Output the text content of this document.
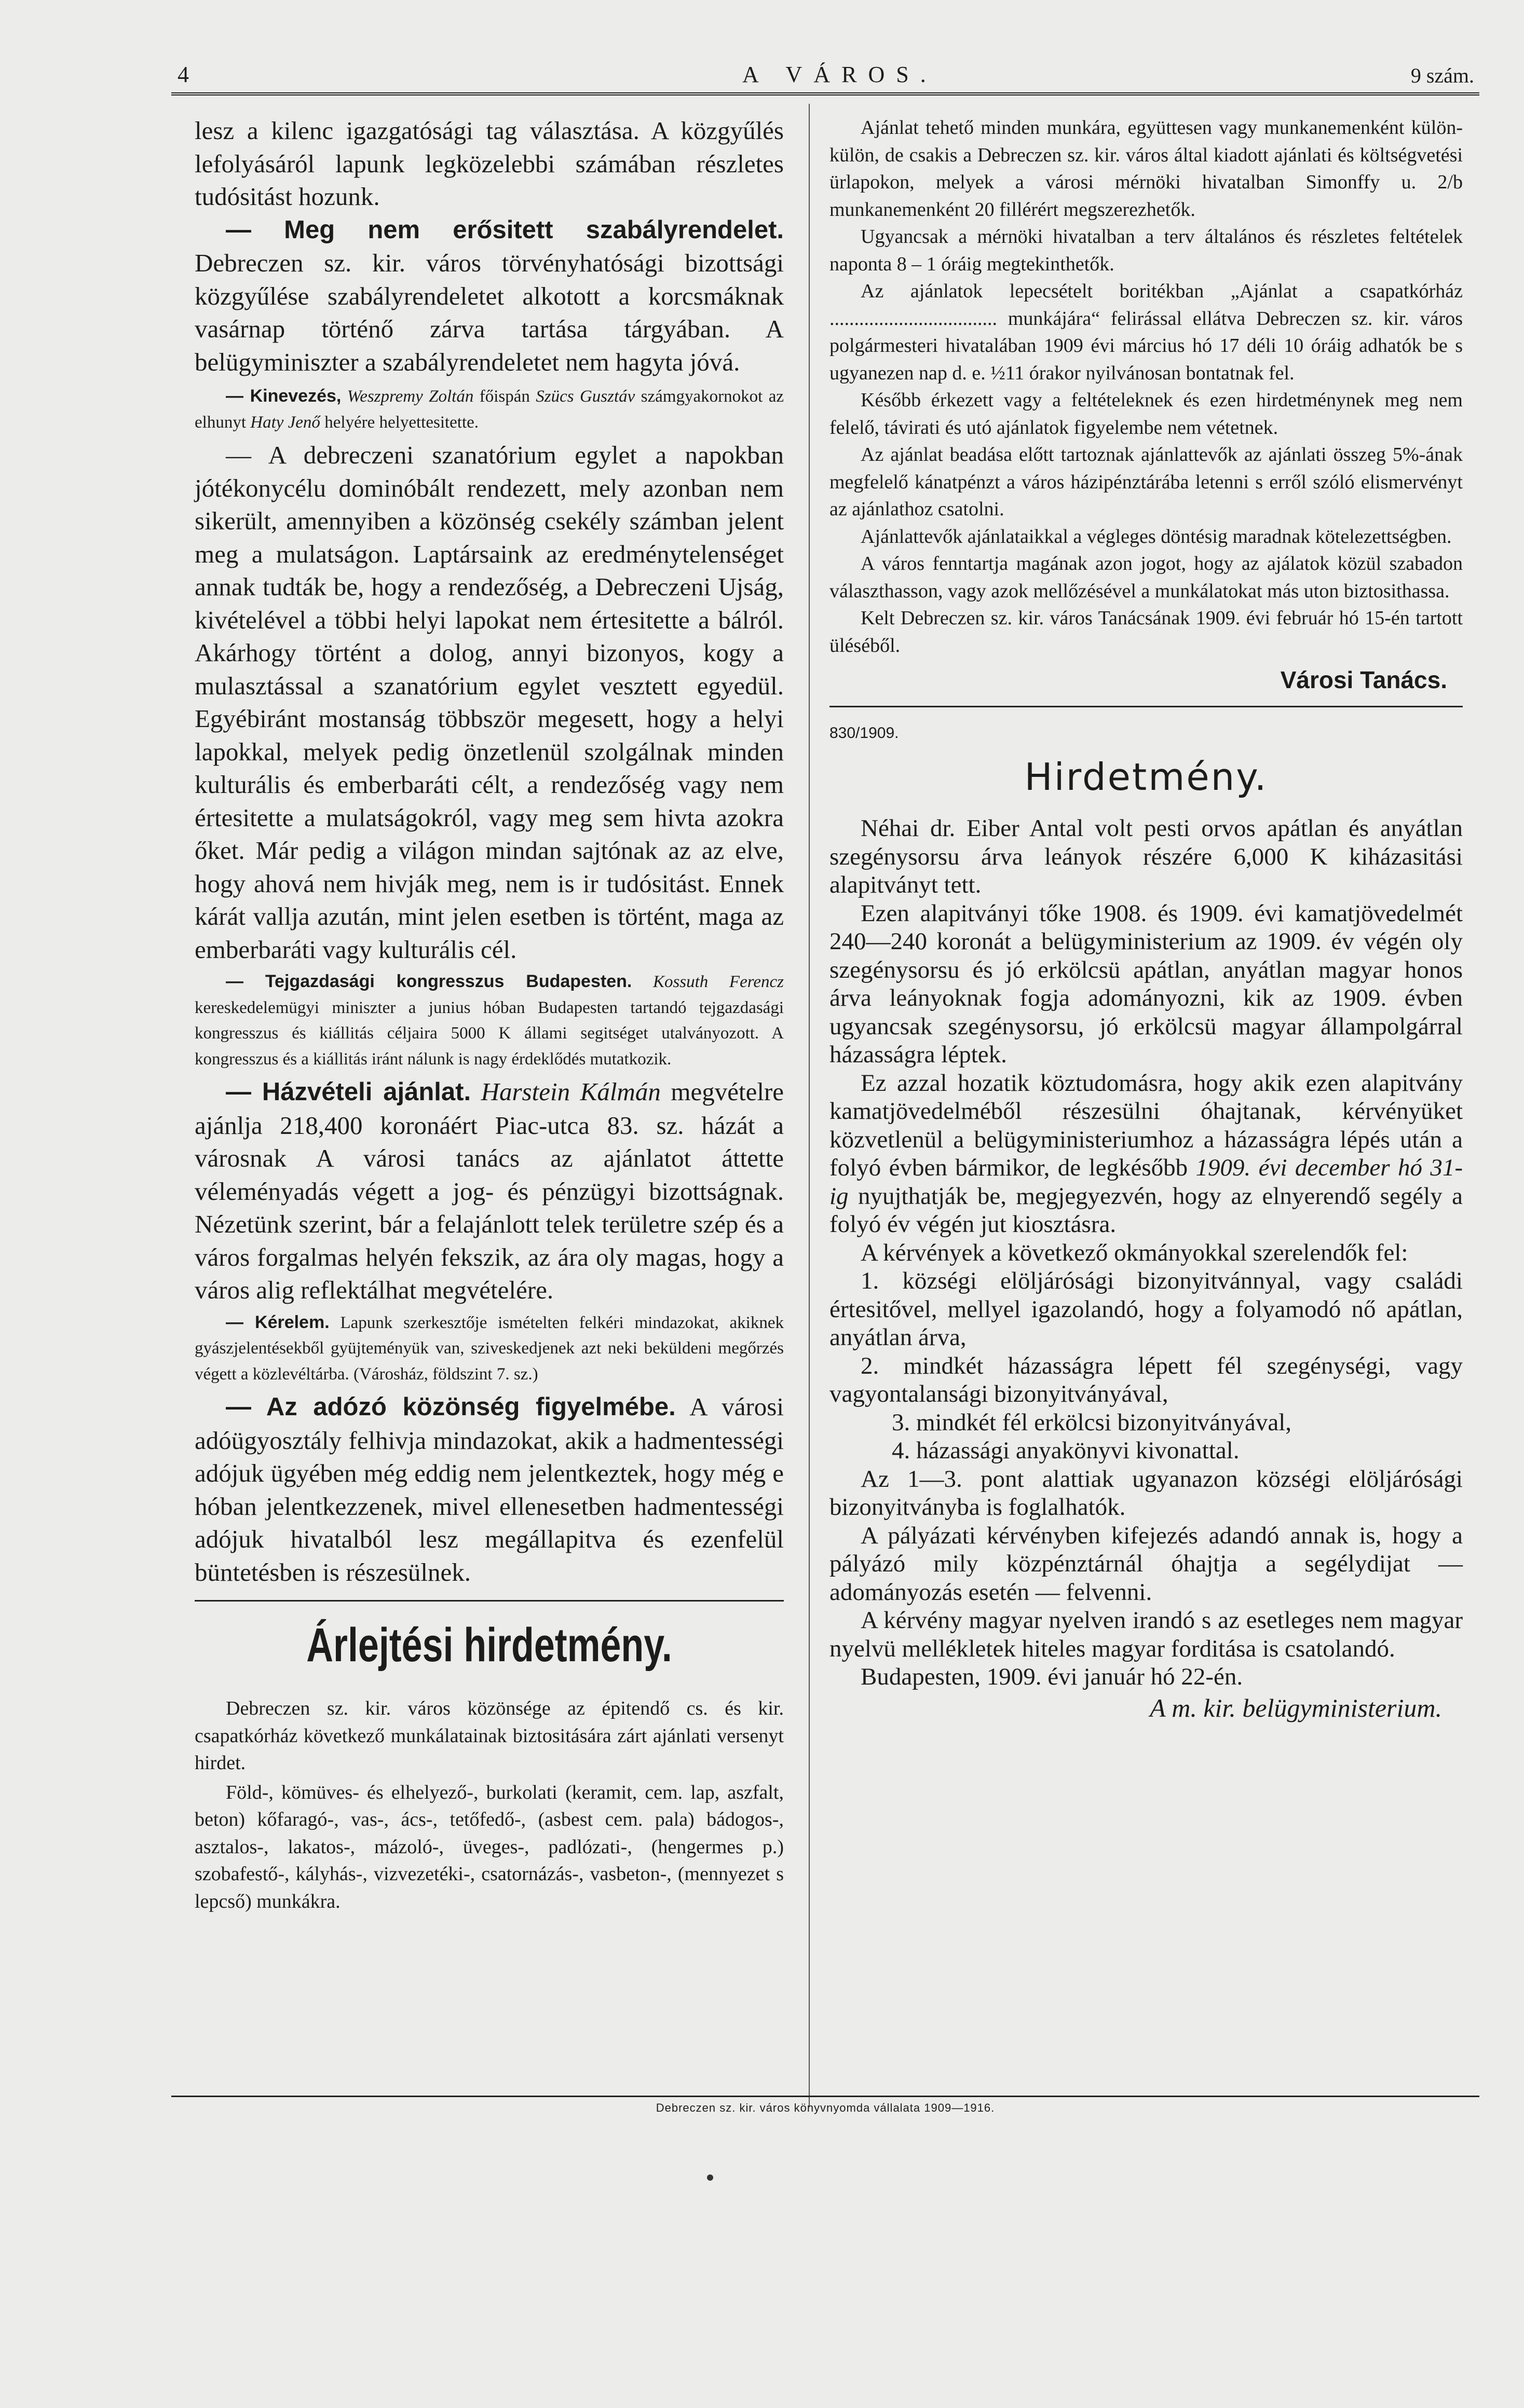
4	A VÁROS.	9 szám.

lesz a kilenc igazgatósági tag választása. A közgyűlés lefolyásáról lapunk legközelebbi számában részletes tudósitást hozunk.

— Meg nem erősitett szabályrendelet. Debreczen sz. kir. város törvényhatósági bizottsági közgyűlése szabályrendeletet alkotott a korcsmáknak vasárnap történő zárva tartása tárgyában. A belügyminiszter a szabályrendeletet nem hagyta jóvá.

— Kinevezés, Weszpremy Zoltán főispán Szücs Gusztáv számgyakornokot az elhunyt Haty Jenő helyére helyettesitette.

— A debreczeni szanatórium egylet a napokban jótékonycélu dominóbált rendezett, mely azonban nem sikerült, amennyiben a közönség csekély számban jelent meg a mulatságon. Laptársaink az eredménytelenséget annak tudták be, hogy a rendezőség, a Debreczeni Ujság, kivételével a többi helyi lapokat nem értesitette a bálról. Akárhogy történt a dolog, annyi bizonyos, kogy a mulasztással a szanatórium egylet vesztett egyedül. Egyébiránt mostanság többször megesett, hogy a helyi lapokkal, melyek pedig önzetlenül szolgálnak minden kulturális és emberbaráti célt, a rendezőség vagy nem értesitette a mulatságokról, vagy meg sem hivta azokra őket. Már pedig a világon mindan sajtónak az az elve, hogy ahová nem hivják meg, nem is ir tudósitást. Ennek kárát vallja azután, mint jelen esetben is történt, maga az emberbaráti vagy kulturális cél.

— Tejgazdasági kongresszus Budapesten. Kossuth Ferencz kereskedelemügyi miniszter a junius hóban Budapesten tartandó tejgazdasági kongresszus és kiállitás céljaira 5000 K állami segitséget utalványozott. A kongresszus és a kiállitás iránt nálunk is nagy érdeklődés mutatkozik.

— Házvételi ajánlat. Harstein Kálmán megvételre ajánlja 218,400 koronáért Piac-utca 83. sz. házát a városnak A városi tanács az ajánlatot áttette véleményadás végett a jog- és pénzügyi bizottságnak. Nézetünk szerint, bár a felajánlott telek területre szép és a város forgalmas helyén fekszik, az ára oly magas, hogy a város alig reflektálhat megvételére.

— Kérelem. Lapunk szerkesztője ismételten felkéri mindazokat, akiknek gyászjelentésekből gyüjteményük van, sziveskedjenek azt neki beküldeni megőrzés végett a közlevéltárba. (Városház, földszint 7. sz.)

— Az adózó közönség figyelmébe. A városi adóügyosztály felhivja mindazokat, akik a hadmentességi adójuk ügyében még eddig nem jelentkeztek, hogy még e hóban jelentkezzenek, mivel ellenesetben hadmentességi adójuk hivatalból lesz megállapitva és ezenfelül büntetésben is részesülnek.

Árlejtési hirdetmény.

Debreczen sz. kir. város közönsége az épitendő cs. és kir. csapatkórház következő munkálatainak biztositására zárt ajánlati versenyt hirdet.

Föld-, kömüves- és elhelyező-, burkolati (keramit, cem. lap, aszfalt, beton) kőfaragó-, vas-, ács-, tetőfedő-, (asbest cem. pala) bádogos-, asztalos-, lakatos-, mázoló-, üveges-, padlózati-, (hengermes p.) szobafestő-, kályhás-, vizvezetéki-, csatornázás-, vasbeton-, (mennyezet s lepcső) munkákra.

Ajánlat tehető minden munkára, együttesen vagy munkanemenként külön-külön, de csakis a Debreczen sz. kir. város által kiadott ajánlati és költségvetési ürlapokon, melyek a városi mérnöki hivatalban Simonffy u. 2/b munkanemenként 20 fillérért megszerezhetők.

Ugyancsak a mérnöki hivatalban a terv általános és részletes feltételek naponta 8 – 1 óráig megtekinthetők.

Az ajánlatok lepecsételt boritékban „Ajánlat a csapatkórház .................................. munkájára“ felirással ellátva Debreczen sz. kir. város polgármesteri hivatalában 1909 évi március hó 17 déli 10 óráig adhatók be s ugyanezen nap d. e. ½11 órakor nyilvánosan bontatnak fel.

Később érkezett vagy a feltételeknek és ezen hirdetménynek meg nem felelő, távirati és utó ajánlatok figyelembe nem vétetnek.

Az ajánlat beadása előtt tartoznak ajánlattevők az ajánlati összeg 5%-ának megfelelő kánatpénzt a város házipénztárába letenni s erről szóló elismervényt az ajánlathoz csatolni.

Ajánlattevők ajánlataikkal a végleges döntésig maradnak kötelezettségben.

A város fenntartja magának azon jogot, hogy az ajálatok közül szabadon választhasson, vagy azok mellőzésével a munkálatokat más uton biztosithassa.

Kelt Debreczen sz. kir. város Tanácsának 1909. évi február hó 15-én tartott üléséből.

Városi Tanács.
830/1909.
Hirdetmény.

Néhai dr. Eiber Antal volt pesti orvos apátlan és anyátlan szegénysorsu árva leányok részére 6,000 K kiházasitási alapitványt tett.

Ezen alapitványi tőke 1908. és 1909. évi kamatjövedelmét 240—240 koronát a belügyministerium az 1909. év végén oly szegénysorsu és jó erkölcsü apátlan, anyátlan magyar honos árva leányoknak fogja adományozni, kik az 1909. évben ugyancsak szegénysorsu, jó erkölcsü magyar állampolgárral házasságra léptek.

Ez azzal hozatik köztudomásra, hogy akik ezen alapitvány kamatjövedelméből részesülni óhajtanak, kérvényüket közvetlenül a belügyministeriumhoz a házasságra lépés után a folyó évben bármikor, de legkésőbb 1909. évi december hó 31-ig nyujthatják be, megjegyezvén, hogy az elnyerendő segély a folyó év végén jut kiosztásra.

A kérvények a következő okmányokkal szerelendők fel:

1. községi elöljárósági bizonyitvánnyal, vagy családi értesitővel, mellyel igazolandó, hogy a folyamodó nő apátlan, anyátlan árva,

2. mindkét házasságra lépett fél szegénységi, vagy vagyontalansági bizonyitványával,

3. mindkét fél erkölcsi bizonyitványával,

4. házassági anyakönyvi kivonattal.

Az 1—3. pont alattiak ugyanazon községi elöljárósági bizonyitványba is foglalhatók.

A pályázati kérvényben kifejezés adandó annak is, hogy a pályázó mily közpénztárnál óhajtja a segélydijat — adományozás esetén — felvenni.

A kérvény magyar nyelven irandó s az esetleges nem magyar nyelvü mellékletek hiteles magyar forditása is csatolandó.

Budapesten, 1909. évi január hó 22-én.

A m. kir. belügyministerium.
Debreczen sz. kir. város könyvnyomda vállalata 1909—1916.
